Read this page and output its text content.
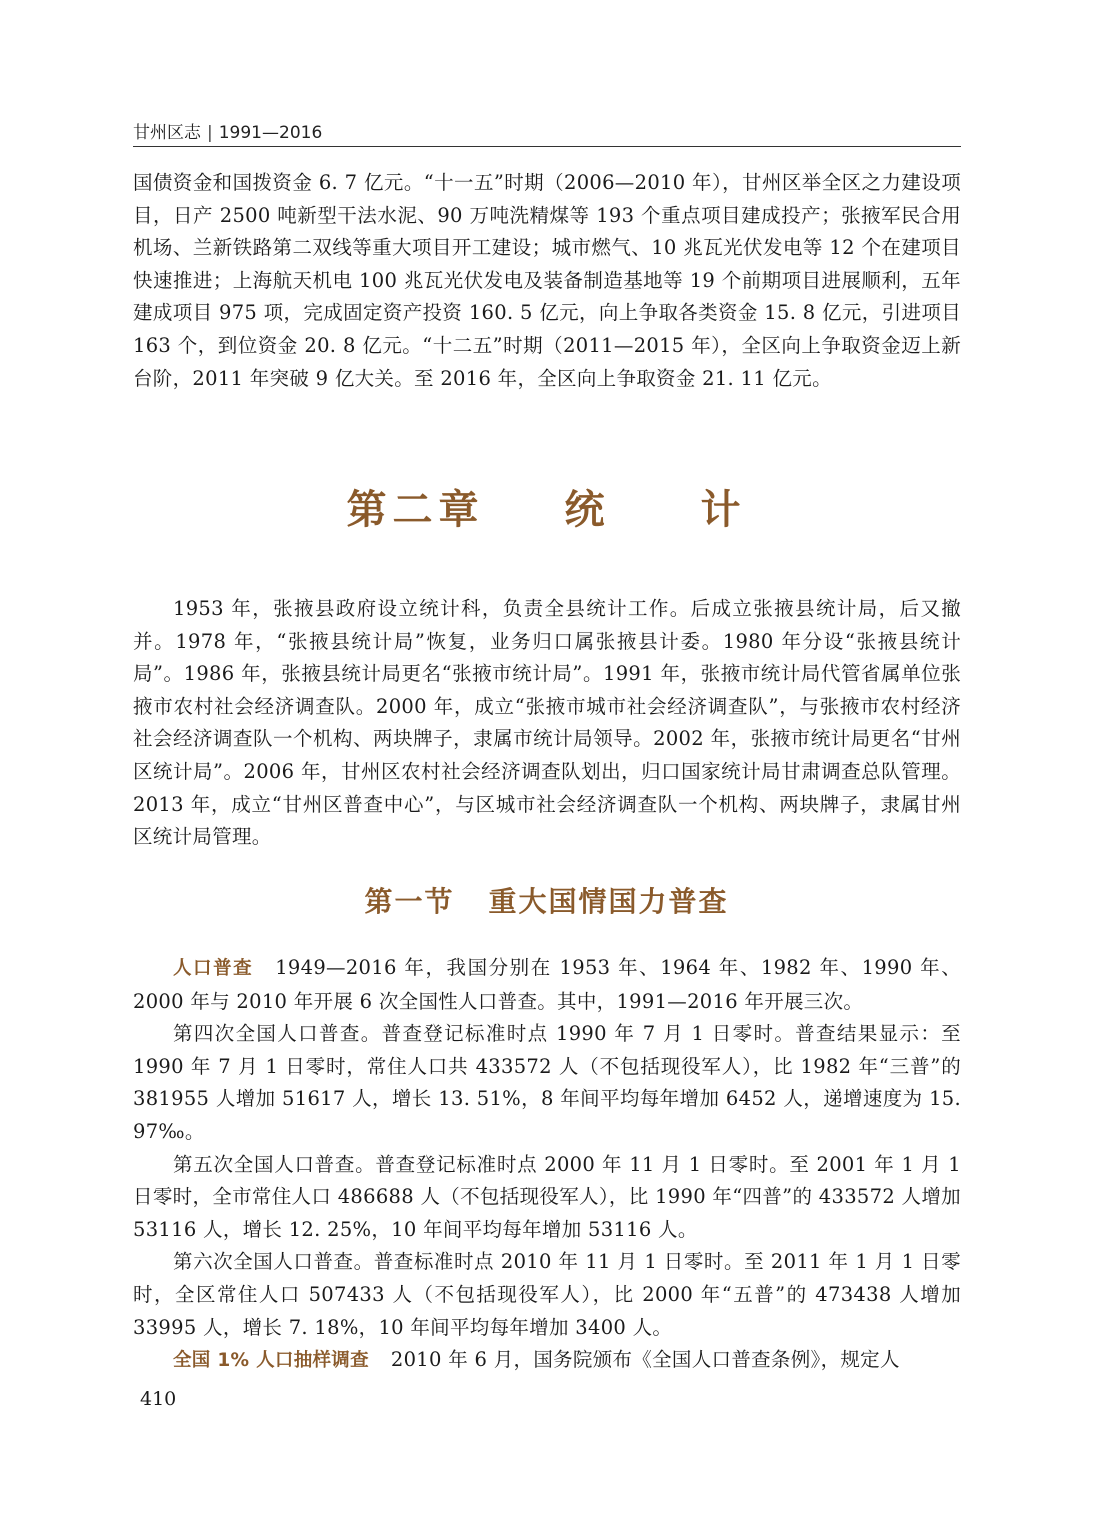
甘州区志 | 1991—2016

国债资金和国拨资金 6. 7 亿元。“十一五”时期（2006—2010 年），甘州区举全区之力建设项目，日产 2500 吨新型干法水泥、90 万吨洗精煤等 193 个重点项目建成投产；张掖军民合用机场、兰新铁路第二双线等重大项目开工建设；城市燃气、10 兆瓦光伏发电等 12 个在建项目快速推进；上海航天机电 100 兆瓦光伏发电及装备制造基地等 19 个前期项目进展顺利，五年建成项目 975 项，完成固定资产投资 160. 5 亿元，向上争取各类资金 15. 8 亿元，引进项目 163 个，到位资金 20. 8 亿元。“十二五”时期（2011—2015 年），全区向上争取资金迈上新台阶，2011 年突破 9 亿大关。至 2016 年，全区向上争取资金 21. 11 亿元。

第二章 统 计

1953 年，张掖县政府设立统计科，负责全县统计工作。后成立张掖县统计局，后又撤并。1978 年，“张掖县统计局”恢复，业务归口属张掖县计委。1980 年分设“张掖县统计局”。1986 年，张掖县统计局更名“张掖市统计局”。1991 年，张掖市统计局代管省属单位张掖市农村社会经济调查队。2000 年，成立“张掖市城市社会经济调查队”，与张掖市农村经济社会经济调查队一个机构、两块牌子，隶属市统计局领导。2002 年，张掖市统计局更名“甘州区统计局”。2006 年，甘州区农村社会经济调查队划出，归口国家统计局甘肃调查总队管理。2013 年，成立“甘州区普查中心”，与区城市社会经济调查队一个机构、两块牌子，隶属甘州区统计局管理。

第一节 重大国情国力普查

人口普查 1949—2016 年，我国分别在 1953 年、1964 年、1982 年、1990 年、2000 年与 2010 年开展 6 次全国性人口普查。其中，1991—2016 年开展三次。

第四次全国人口普查。普查登记标准时点 1990 年 7 月 1 日零时。普查结果显示：至 1990 年 7 月 1 日零时，常住人口共 433572 人（不包括现役军人），比 1982 年“三普”的 381955 人增加 51617 人，增长 13. 51%，8 年间平均每年增加 6452 人，递增速度为 15. 97‰。

第五次全国人口普查。普查登记标准时点 2000 年 11 月 1 日零时。至 2001 年 1 月 1 日零时，全市常住人口 486688 人（不包括现役军人），比 1990 年“四普”的 433572 人增加 53116 人，增长 12. 25%，10 年间平均每年增加 53116 人。

第六次全国人口普查。普查标准时点 2010 年 11 月 1 日零时。至 2011 年 1 月 1 日零时，全区常住人口 507433 人（不包括现役军人），比 2000 年“五普”的 473438 人增加 33995 人，增长 7. 18%，10 年间平均每年增加 3400 人。

全国 1% 人口抽样调查 2010 年 6 月，国务院颁布《全国人口普查条例》，规定人

410
